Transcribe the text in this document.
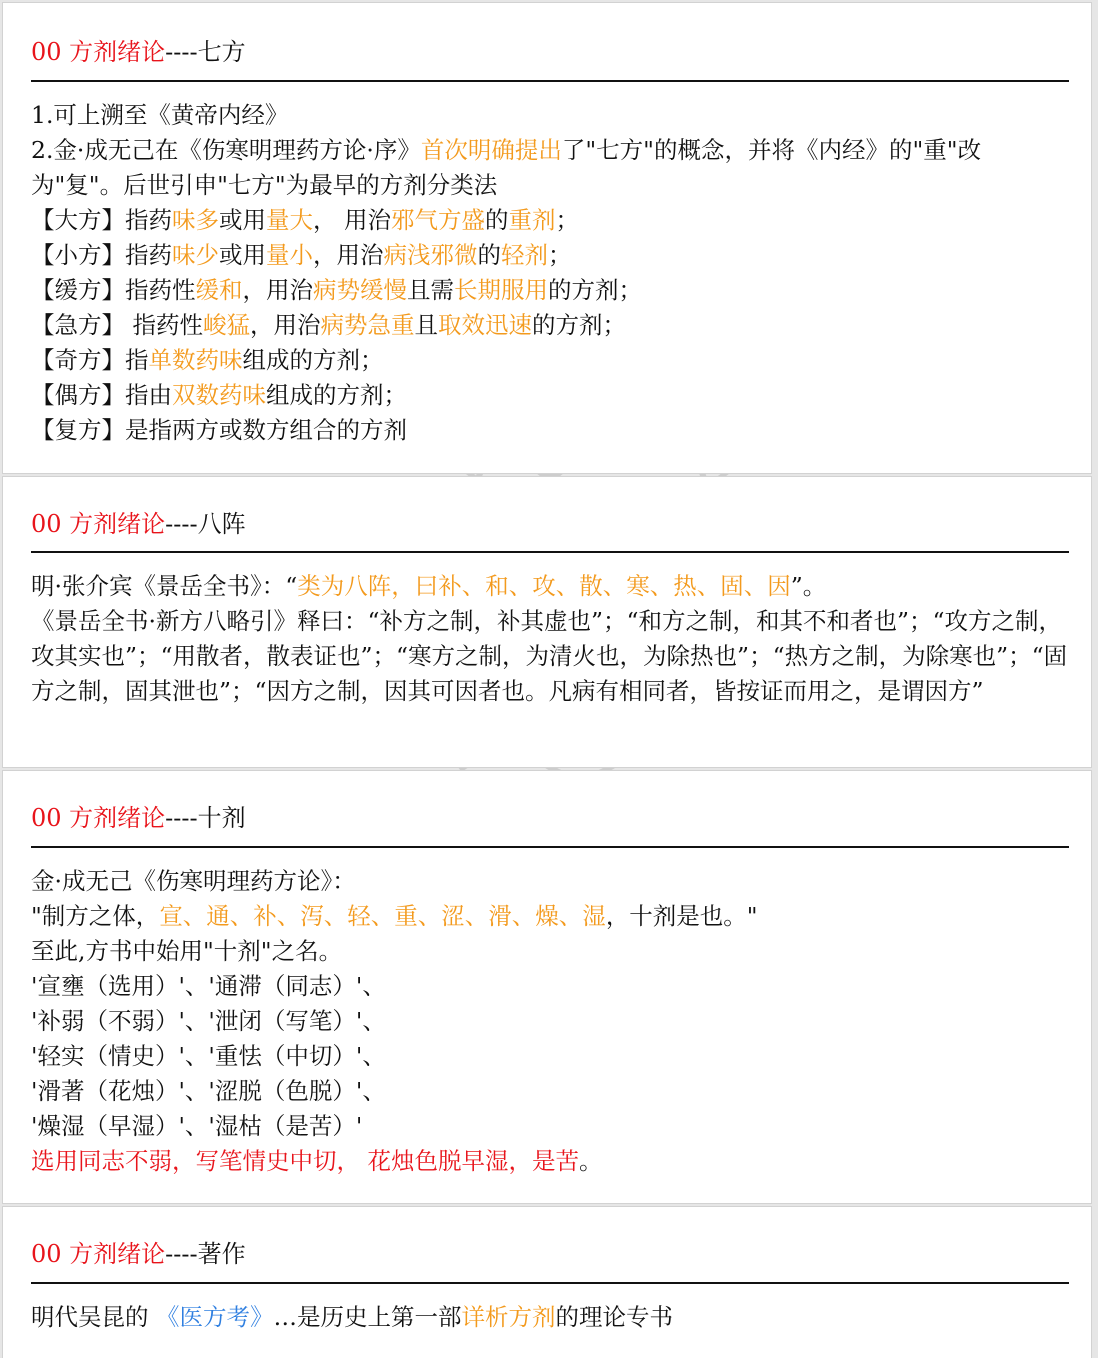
00 方剂绪论----七方
1.可上溯至《黄帝内经》
2.金·成无己在《伤寒明理药方论·序》首次明确提出了"七方"的概念，并将《内经》的"重"改为"复"。后世引申"七方"为最早的方剂分类法
【大方】指药味多或用量大， 用治邪气方盛的重剂；
【小方】指药味少或用量小，用治病浅邪微的轻剂；
【缓方】指药性缓和，用治病势缓慢且需长期服用的方剂；
【急方】 指药性峻猛，用治病势急重且取效迅速的方剂；
【奇方】指单数药味组成的方剂；
【偶方】指由双数药味组成的方剂；
【复方】是指两方或数方组合的方剂
00 方剂绪论----八阵
明·张介宾《景岳全书》：“类为八阵，曰补、和、攻、散、寒、热、固、因”。
《景岳全书·新方八略引》释曰：“补方之制，补其虚也”；“和方之制，和其不和者也”；“攻方之制，攻其实也”；“用散者，散表证也”；“寒方之制，为清火也，为除热也”；“热方之制，为除寒也”；“固方之制，固其泄也”；“因方之制，因其可因者也。凡病有相同者，皆按证而用之，是谓因方”
00 方剂绪论----十剂
金·成无己《伤寒明理药方论》：
"制方之体，宣、通、补、泻、轻、重、涩、滑、燥、湿，十剂是也。"
至此,方书中始用"十剂"之名。
'宣壅（选用）'、'通滞（同志）'、
'补弱（不弱）'、'泄闭（写笔）'、
'轻实（情史）'、'重怯（中切）'、
'滑著（花烛）'、'涩脱（色脱）'、
'燥湿（早湿）'、'湿枯（是苦）'
选用同志不弱，写笔情史中切， 花烛色脱早湿，是苦。
00 方剂绪论----著作
明代吴昆的 《医方考》…是历史上第一部详析方剂的理论专书
